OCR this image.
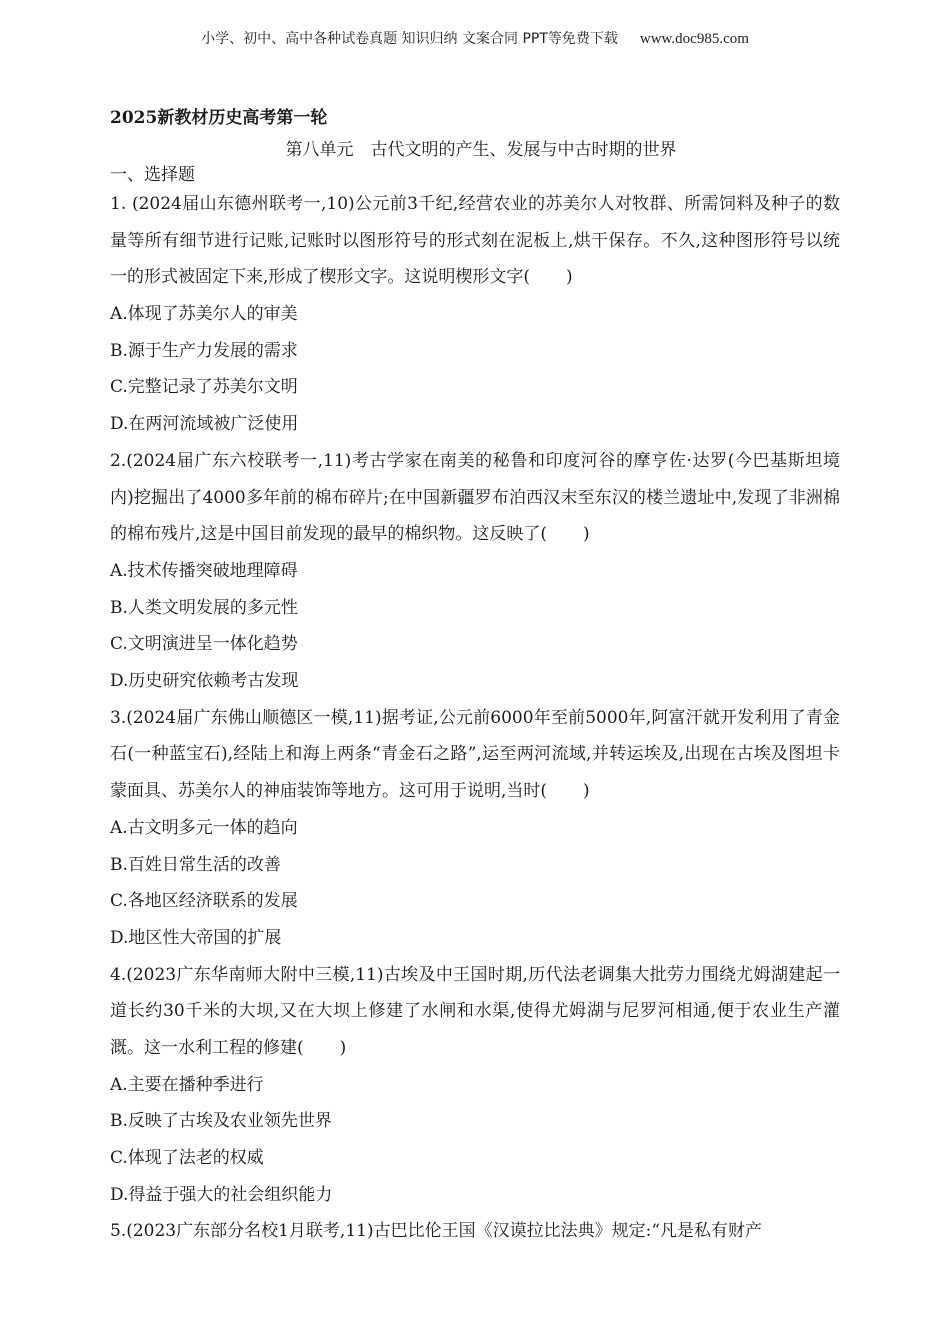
小学、初中、高中各种试卷真题 知识归纳 文案合同 PPT等免费下载 www.doc985.com
2025新教材历史高考第一轮
第八单元　古代文明的产生、发展与中古时期的世界
一、选择题
1. (2024届山东德州联考一,10)公元前3千纪,经营农业的苏美尔人对牧群、所需饲料及种子的数量等所有细节进行记账,记账时以图形符号的形式刻在泥板上,烘干保存。不久,这种图形符号以统一的形式被固定下来,形成了楔形文字。这说明楔形文字( )
A.体现了苏美尔人的审美
B.源于生产力发展的需求
C.完整记录了苏美尔文明
D.在两河流域被广泛使用
2.(2024届广东六校联考一,11)考古学家在南美的秘鲁和印度河谷的摩亨佐·达罗(今巴基斯坦境内)挖掘出了4000多年前的棉布碎片;在中国新疆罗布泊西汉末至东汉的楼兰遗址中,发现了非洲棉的棉布残片,这是中国目前发现的最早的棉织物。这反映了( )
A.技术传播突破地理障碍
B.人类文明发展的多元性
C.文明演进呈一体化趋势
D.历史研究依赖考古发现
3.(2024届广东佛山顺德区一模,11)据考证,公元前6000年至前5000年,阿富汗就开发利用了青金石(一种蓝宝石),经陆上和海上两条“青金石之路”,运至两河流域,并转运埃及,出现在古埃及图坦卡蒙面具、苏美尔人的神庙装饰等地方。这可用于说明,当时( )
A.古文明多元一体的趋向
B.百姓日常生活的改善
C.各地区经济联系的发展
D.地区性大帝国的扩展
4.(2023广东华南师大附中三模,11)古埃及中王国时期,历代法老调集大批劳力围绕尤姆湖建起一道长约30千米的大坝,又在大坝上修建了水闸和水渠,使得尤姆湖与尼罗河相通,便于农业生产灌溉。这一水利工程的修建( )
A.主要在播种季进行
B.反映了古埃及农业领先世界
C.体现了法老的权威
D.得益于强大的社会组织能力
5.(2023广东部分名校1月联考,11)古巴比伦王国《汉谟拉比法典》规定:“凡是私有财产
